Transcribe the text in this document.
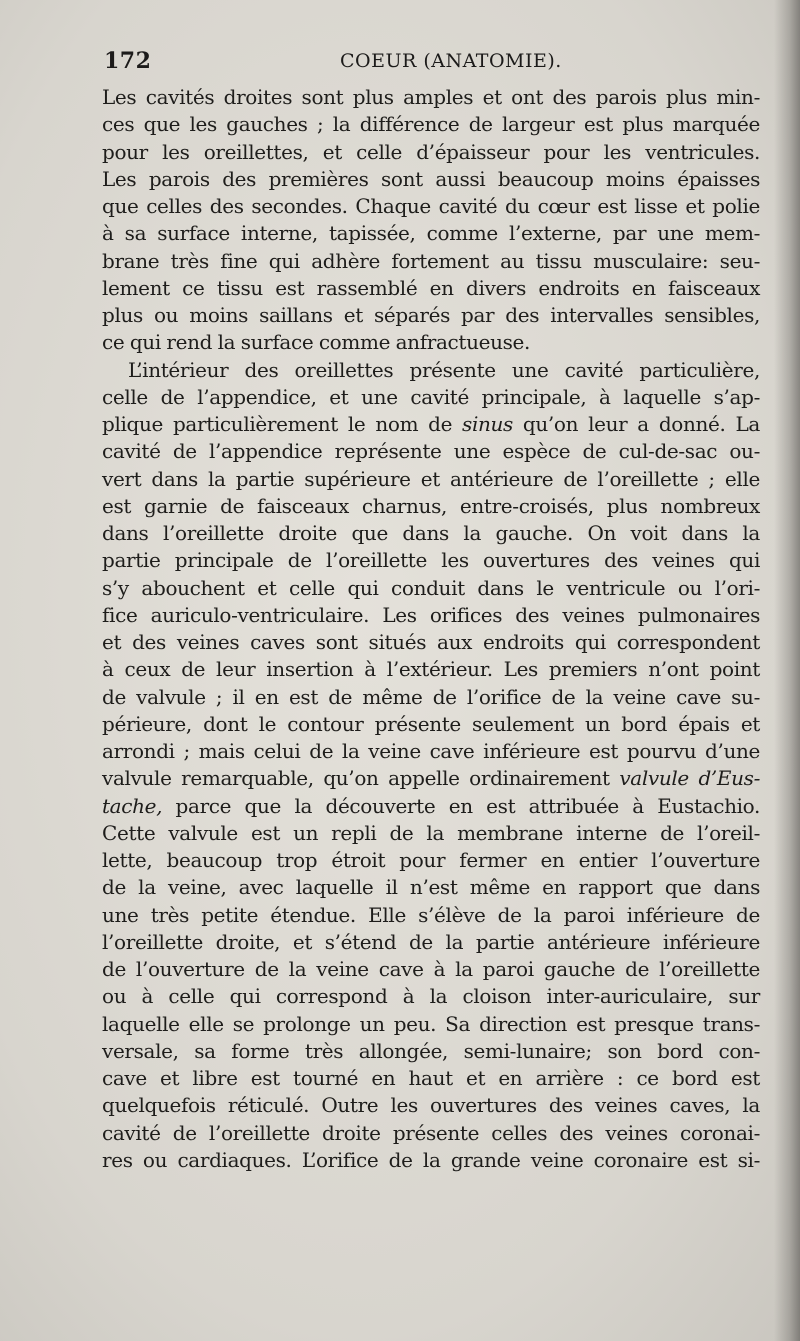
172	COEUR (ANATOMIE).
Les cavités droites sont plus amples et ont des parois plus min-
ces que les gauches ; la différence de largeur est plus marquée
pour les oreillettes, et celle d’épaisseur pour les ventricules.
Les parois des premières sont aussi beaucoup moins épaisses
que celles des secondes. Chaque cavité du cœur est lisse et polie
à sa surface interne, tapissée, comme l’externe, par une mem-
brane très fine qui adhère fortement au tissu musculaire: seu-
lement ce tissu est rassemblé en divers endroits en faisceaux
plus ou moins saillans et séparés par des intervalles sensibles,
ce qui rend la surface comme anfractueuse.
L’intérieur des oreillettes présente une cavité particulière,
celle de l’appendice, et une cavité principale, à laquelle s’ap-
plique particulièrement le nom de sinus qu’on leur a donné. La
cavité de l’appendice représente une espèce de cul-de-sac ou-
vert dans la partie supérieure et antérieure de l’oreillette ; elle
est garnie de faisceaux charnus, entre-croisés, plus nombreux
dans l’oreillette droite que dans la gauche. On voit dans la
partie principale de l’oreillette les ouvertures des veines qui
s’y abouchent et celle qui conduit dans le ventricule ou l’ori-
fice auriculo-ventriculaire. Les orifices des veines pulmonaires
et des veines caves sont situés aux endroits qui correspondent
à ceux de leur insertion à l’extérieur. Les premiers n’ont point
de valvule ; il en est de même de l’orifice de la veine cave su-
périeure, dont le contour présente seulement un bord épais et
arrondi ; mais celui de la veine cave inférieure est pourvu d’une
valvule remarquable, qu’on appelle ordinairement valvule d’Eus-
tache, parce que la découverte en est attribuée à Eustachio.
Cette valvule est un repli de la membrane interne de l’oreil-
lette, beaucoup trop étroit pour fermer en entier l’ouverture
de la veine, avec laquelle il n’est même en rapport que dans
une très petite étendue. Elle s’élève de la paroi inférieure de
l’oreillette droite, et s’étend de la partie antérieure inférieure
de l’ouverture de la veine cave à la paroi gauche de l’oreillette
ou à celle qui correspond à la cloison inter-auriculaire, sur
laquelle elle se prolonge un peu. Sa direction est presque trans-
versale, sa forme très allongée, semi-lunaire; son bord con-
cave et libre est tourné en haut et en arrière : ce bord est
quelquefois réticulé. Outre les ouvertures des veines caves, la
cavité de l’oreillette droite présente celles des veines coronai-
res ou cardiaques. L’orifice de la grande veine coronaire est si-
